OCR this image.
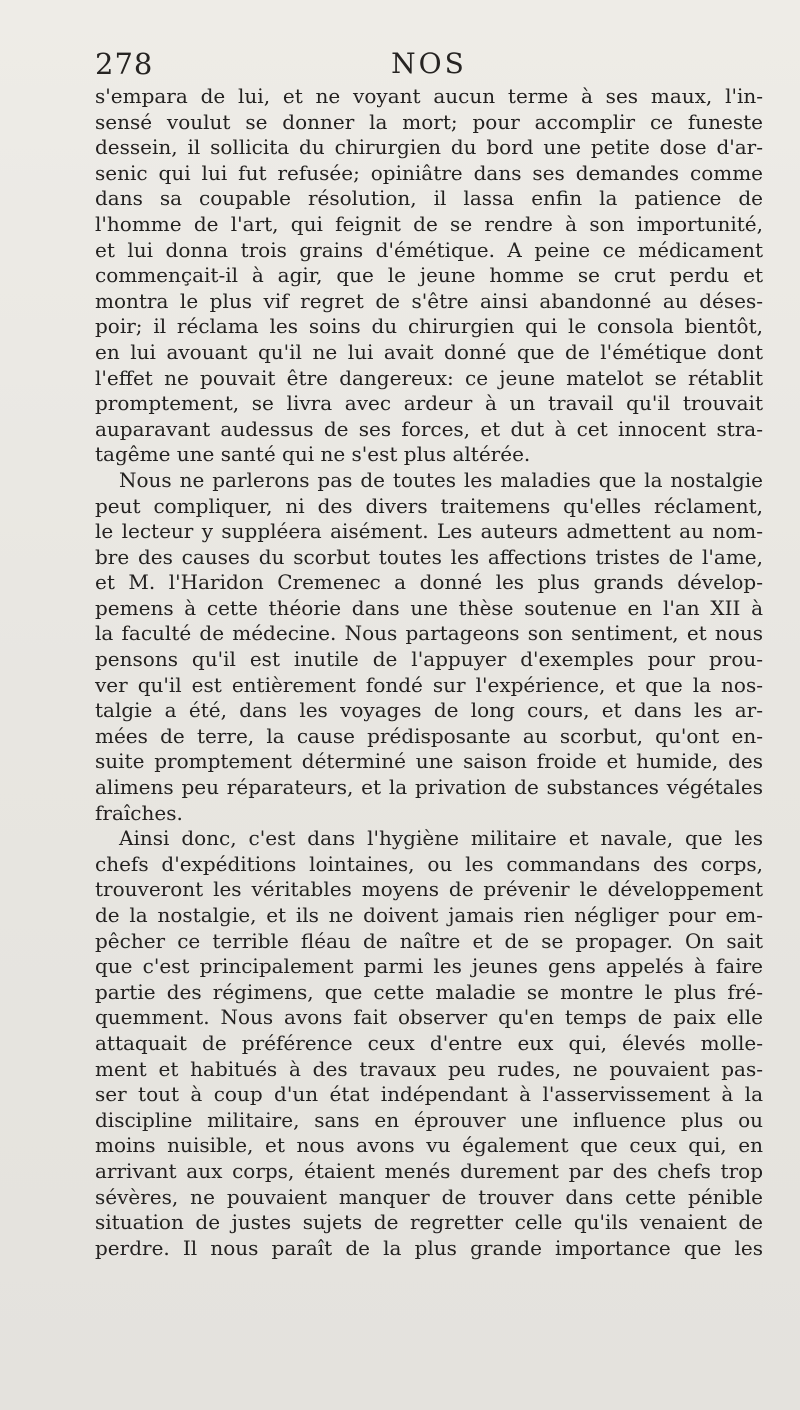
278	NOS
s'empara de lui, et ne voyant aucun terme à ses maux, l'in-
sensé voulut se donner la mort; pour accomplir ce funeste
dessein, il sollicita du chirurgien du bord une petite dose d'ar-
senic qui lui fut refusée; opiniâtre dans ses demandes comme
dans sa coupable résolution, il lassa enfin la patience de
l'homme de l'art, qui feignit de se rendre à son importunité,
et lui donna trois grains d'émétique. A peine ce médicament
commençait-il à agir, que le jeune homme se crut perdu et
montra le plus vif regret de s'être ainsi abandonné au déses-
poir; il réclama les soins du chirurgien qui le consola bientôt,
en lui avouant qu'il ne lui avait donné que de l'émétique dont
l'effet ne pouvait être dangereux: ce jeune matelot se rétablit
promptement, se livra avec ardeur à un travail qu'il trouvait
auparavant audessus de ses forces, et dut à cet innocent stra-
tagême une santé qui ne s'est plus altérée.
Nous ne parlerons pas de toutes les maladies que la nostalgie
peut compliquer, ni des divers traitemens qu'elles réclament,
le lecteur y suppléera aisément. Les auteurs admettent au nom-
bre des causes du scorbut toutes les affections tristes de l'ame,
et M. l'Haridon Cremenec a donné les plus grands dévelop-
pemens à cette théorie dans une thèse soutenue en l'an XII à
la faculté de médecine. Nous partageons son sentiment, et nous
pensons qu'il est inutile de l'appuyer d'exemples pour prou-
ver qu'il est entièrement fondé sur l'expérience, et que la nos-
talgie a été, dans les voyages de long cours, et dans les ar-
mées de terre, la cause prédisposante au scorbut, qu'ont en-
suite promptement déterminé une saison froide et humide, des
alimens peu réparateurs, et la privation de substances végétales
fraîches.
Ainsi donc, c'est dans l'hygiène militaire et navale, que les
chefs d'expéditions lointaines, ou les commandans des corps,
trouveront les véritables moyens de prévenir le développement
de la nostalgie, et ils ne doivent jamais rien négliger pour em-
pêcher ce terrible fléau de naître et de se propager. On sait
que c'est principalement parmi les jeunes gens appelés à faire
partie des régimens, que cette maladie se montre le plus fré-
quemment. Nous avons fait observer qu'en temps de paix elle
attaquait de préférence ceux d'entre eux qui, élevés molle-
ment et habitués à des travaux peu rudes, ne pouvaient pas-
ser tout à coup d'un état indépendant à l'asservissement à la
discipline militaire, sans en éprouver une influence plus ou
moins nuisible, et nous avons vu également que ceux qui, en
arrivant aux corps, étaient menés durement par des chefs trop
sévères, ne pouvaient manquer de trouver dans cette pénible
situation de justes sujets de regretter celle qu'ils venaient de
perdre. Il nous paraît de la plus grande importance que les
